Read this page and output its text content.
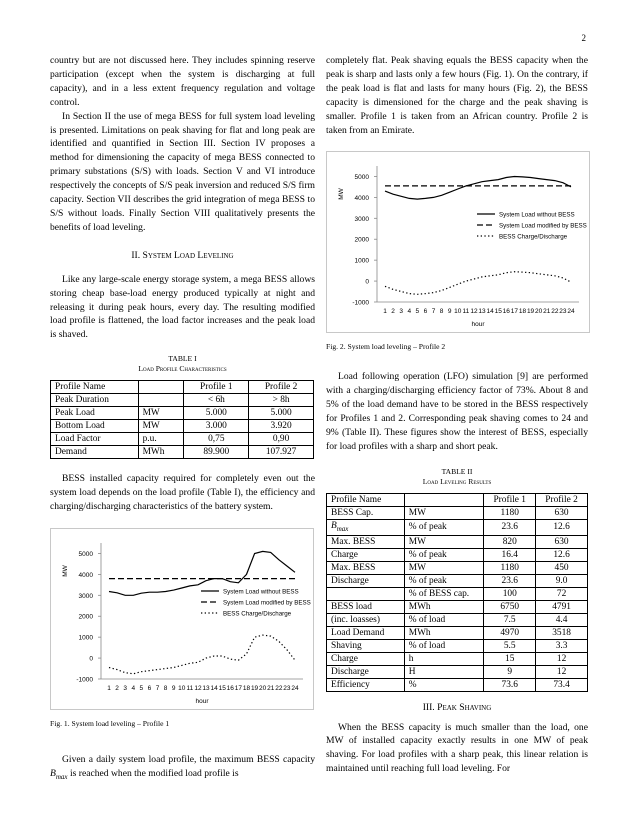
2

country but are not discussed here. They includes spinning reserve participation (except when the system is discharging at full capacity), and in a less extent frequency regulation and voltage control.

In Section II the use of mega BESS for full system load leveling is presented. Limitations on peak shaving for flat and long peak are identified and quantified in Section III. Section IV proposes a method for dimensioning the capacity of mega BESS connected to primary substations (S/S) with loads. Section V and VI introduce respectively the concepts of S/S peak inversion and reduced S/S firm capacity. Section VII describes the grid integration of mega BESS to S/S without loads. Finally Section VIII qualitatively presents the benefits of load leveling.

II. System Load Leveling

Like any large-scale energy storage system, a mega BESS allows storing cheap base-load energy produced typically at night and releasing it during peak hours, every day. The resulting modified load profile is flattened, the load factor increases and the peak load is shaved.

TABLE I
Load Profile Characteristics
Profile Name		Profile 1	Profile 2
Peak Duration		< 6h	> 8h
Peak Load	MW	5.000	5.000
Bottom Load	MW	3.000	3.920
Load Factor	p.u.	0,75	0,90
Demand	MWh	89.900	107.927

BESS installed capacity required for completely even out the system load depends on the load profile (Table I), the efficiency and charging/discharging characteristics of the battery system.

-1000
0
1000
2000
3000
4000
5000
1 2 3 4 5 6 7 8 9 10 11 12 13 14 15 16 17 18 19 20 21 22 23 24
MW
hour
System Load without BESS
System Load modified by BESS
BESS Charge/Discharge
Fig. 1. System load leveling – Profile 1

Given a daily system load profile, the maximum BESS capacity $B_{max}$ is reached when the modified load profile is

completely flat. Peak shaving equals the BESS capacity when the peak is sharp and lasts only a few hours (Fig. 1). On the contrary, if the peak load is flat and lasts for many hours (Fig. 2), the BESS capacity is dimensioned for the charge and the peak shaving is smaller. Profile 1 is taken from an African country. Profile 2 is taken from an Emirate.

-1000
0
1000
2000
3000
4000
5000
1 2 3 4 5 6 7 8 9 10 11 12 13 14 15 16 17 18 19 20 21 22 23 24
MW
hour
System Load without BESS
System Load modified by BESS
BESS Charge/Discharge
Fig. 2. System load leveling – Profile 2

Load following operation (LFO) simulation [9] are performed with a charging/discharging efficiency factor of 73%. About 8 and 5% of the load demand have to be stored in the BESS respectively for Profiles 1 and 2. Corresponding peak shaving comes to 24 and 9% (Table II). These figures show the interest of BESS, especially for load profiles with a sharp and short peak.

TABLE II
Load Leveling Results
Profile Name		Profile 1	Profile 2
BESS Cap.	MW	1180	630
$B_{max}$	% of peak	23.6	12.6
Max. BESS	MW	820	630
Charge	% of peak	16.4	12.6
Max. BESS	MW	1180	450
Discharge	% of peak	23.6	9.0
	% of BESS cap.	100	72
BESS load	MWh	6750	4791
(inc. loasses)	% of load	7.5	4.4
Load Demand	MWh	4970	3518
Shaving	% of load	5.5	3.3
Charge	h	15	12
Discharge	H	9	12
Efficiency	%	73.6	73.4
III. Peak Shaving

When the BESS capacity is much smaller than the load, one MW of installed capacity exactly results in one MW of peak shaving. For load profiles with a sharp peak, this linear relation is maintained until reaching full load leveling. For
